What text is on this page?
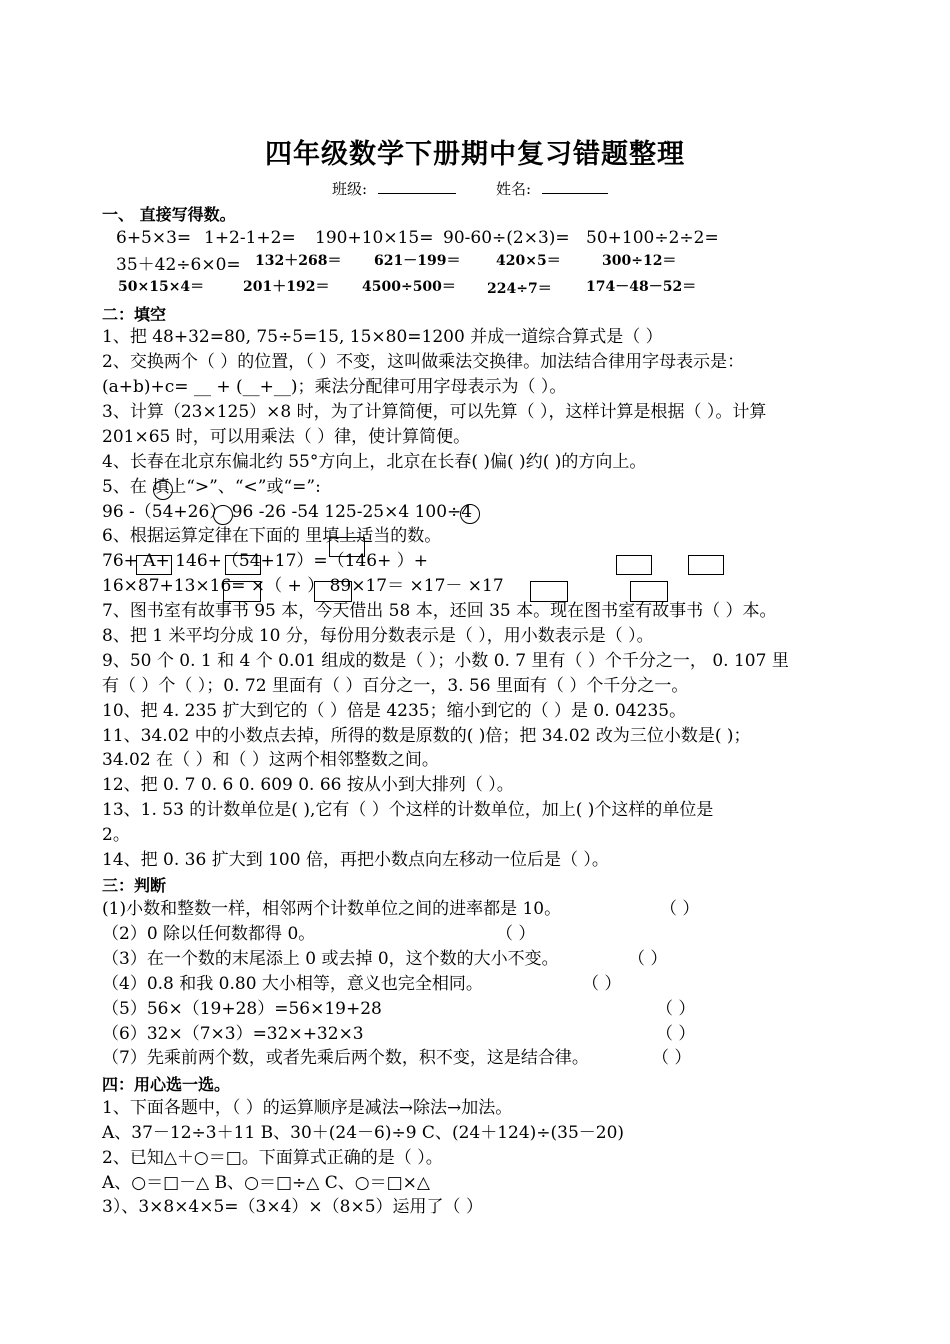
四年级数学下册期中复习错题整理
班级:	姓名:
一、 直接写得数。
6+5×3= 1+2-1+2= 190+10×15= 90-60÷(2×3)= 50+100÷2÷2=
35＋42÷6×0= 132＋268＝ 621－199＝	420×5＝	300÷12＝
50×15×4＝	201＋192＝ 4500÷500＝ 224÷7＝ 174－48－52＝
二：填空
1、把 48+32=80, 75÷5=15, 15×80=1200 并成一道综合算式是（ ）
2、交换两个（ ）的位置，（ ）不变，这叫做乘法交换律。加法结合律用字母表示是：
(a+b)+c= __ + (__+__)；乘法分配律可用字母表示为（ ）。
3、计算（23×125）×8 时，为了计算简便，可以先算（ ），这样计算是根据（ ）。计算
201×65 时，可以用乘法（ ）律，使计算简便。
4、长春在北京东偏北约 55°方向上，北京在长春( )偏( )约( )的方向上。
5、在 填上“>”、“<”或“=”:
96 -（54+26） 96 -26 -54 125-25×4 100÷4
6、根据运算定律在下面的 里填上适当的数。
76+ A+ 146+（54+17）=（146+ ）+
16×87+13×16= ×（ + ） 89×17＝ ×17－ ×17
7、图书室有故事书 95 本，今天借出 58 本，还回 35 本。现在图书室有故事书（ ）本。
8、把 1 米平均分成 10 分，每份用分数表示是（ ），用小数表示是（ ）。
9、50 个 0. 1 和 4 个 0.01 组成的数是（ ）；小数 0. 7 里有（ ）个千分之一， 0. 107 里
有（ ）个（ ）；0. 72 里面有（ ）百分之一，3. 56 里面有（ ）个千分之一。
10、把 4. 235 扩大到它的（ ）倍是 4235；缩小到它的（ ）是 0. 04235。
11、34.02 中的小数点去掉，所得的数是原数的( )倍；把 34.02 改为三位小数是( )；
34.02 在（ ）和（ ）这两个相邻整数之间。
12、把 0. 7 0. 6 0. 609 0. 66 按从小到大排列（ ）。
13、1. 53 的计数单位是( ),它有（ ）个这样的计数单位，加上( )个这样的单位是
2。
14、把 0. 36 扩大到 100 倍，再把小数点向左移动一位后是（ ）。
三：判断
(1)小数和整数一样，相邻两个计数单位之间的进率都是 10。	（ ）
（2）0 除以任何数都得 0。	（ ）
（3）在一个数的末尾添上 0 或去掉 0，这个数的大小不变。	（ ）
（4）0.8 和我 0.80 大小相等，意义也完全相同。	（ ）
（5）56×（19+28）=56×19+28	（ ）
（6）32×（7×3）=32×+32×3	（ ）
（7）先乘前两个数，或者先乘后两个数，积不变，这是结合律。	（ ）
四：用心选一选。
1、下面各题中，（ ）的运算顺序是减法→除法→加法。
A、37－12÷3＋11 B、30＋(24－6)÷9 C、(24＋124)÷(35－20)
2、已知△＋○＝□。下面算式正确的是（ ）。
A、○＝□－△ B、○＝□÷△ C、○＝□×△
3）、3×8×4×5=（3×4）×（8×5）运用了（ ）
